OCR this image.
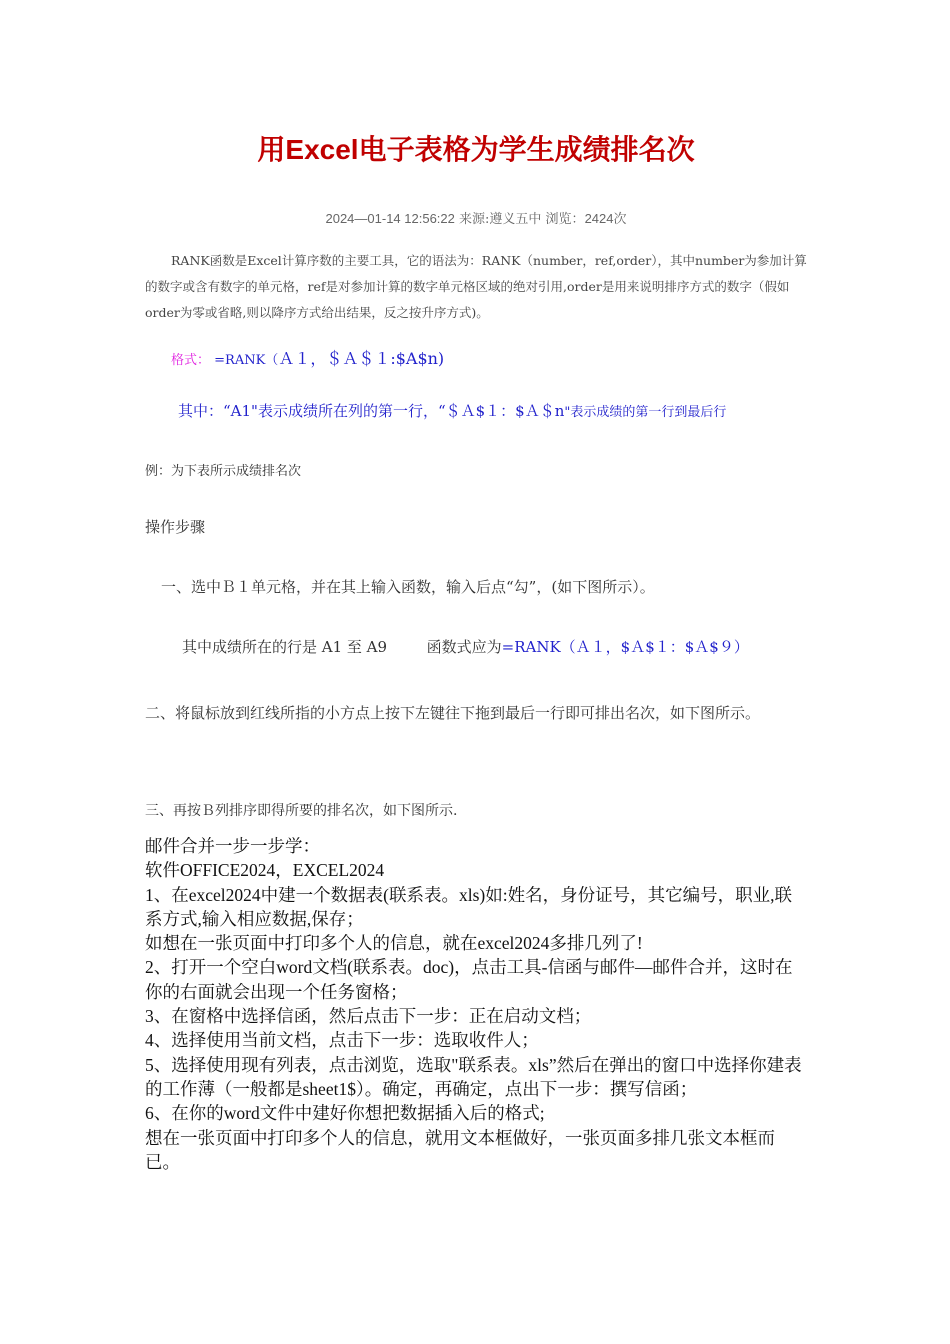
用Excel电子表格为学生成绩排名次
2024—01-14 12:56:22 来源:遵义五中 浏览：2424次
RANK函数是Excel计算序数的主要工具，它的语法为：RANK（number，ref,order），其中number为参加计算的数字或含有数字的单元格，ref是对参加计算的数字单元格区域的绝对引用,order是用来说明排序方式的数字（假如order为零或省略,则以降序方式给出结果，反之按升序方式)。
格式： =RANK（Ａ１，＄Ａ＄１:$A$n)
其中：“A1"表示成绩所在列的第一行，“＄Ａ$１：$Ａ＄n"表示成绩的第一行到最后行
例：为下表所示成绩排名次
操作步骤
一、选中Ｂ１单元格，并在其上输入函数，输入后点“勾”，(如下图所示）。
其中成绩所在的行是 A1 至 A9	函数式应为=RANK（Ａ１，$Ａ$１：$Ａ$９）
二、将鼠标放到红线所指的小方点上按下左键往下拖到最后一行即可排出名次，如下图所示。
三、再按Ｂ列排序即得所要的排名次，如下图所示.

邮件合并一步一步学：

软件OFFICE2024，EXCEL2024

1、在excel2024中建一个数据表(联系表。xls)如:姓名，身份证号，其它编号，职业,联系方式,输入相应数据,保存；

如想在一张页面中打印多个人的信息，就在excel2024多排几列了!

2、打开一个空白word文档(联系表。doc)，点击工具-信函与邮件—邮件合并，这时在你的右面就会出现一个任务窗格；

3、在窗格中选择信函，然后点击下一步：正在启动文档；

4、选择使用当前文档，点击下一步：选取收件人；

5、选择使用现有列表，点击浏览，选取"联系表。xls”然后在弹出的窗口中选择你建表的工作薄（一般都是sheet1$）。确定，再确定，点出下一步：撰写信函；

6、在你的word文件中建好你想把数据插入后的格式;

想在一张页面中打印多个人的信息，就用文本框做好，一张页面多排几张文本框而已。
